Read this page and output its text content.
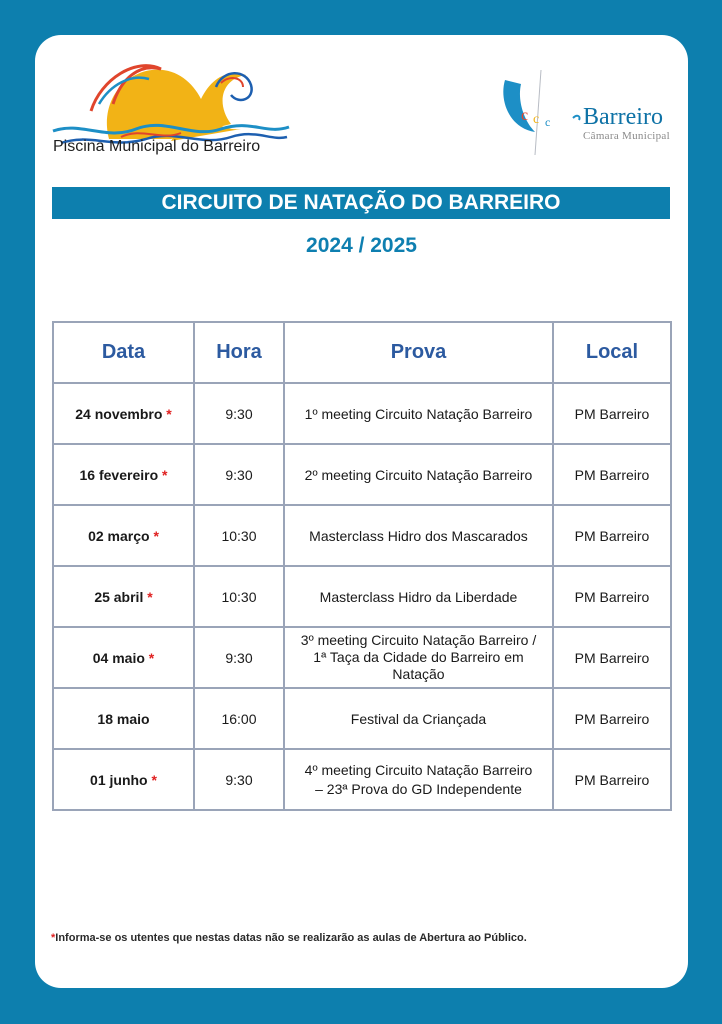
Piscina Municipal do Barreiro
c c c Barreiro
Câmara Municipal
CIRCUITO DE NATAÇÃO DO BARREIRO
2024 / 2025
Data	Hora	Prova	Local
24 novembro *	9:30	1º meeting Circuito Natação Barreiro	PM Barreiro
16 fevereiro *	9:30	2º meeting Circuito Natação Barreiro	PM Barreiro
02 março *	10:30	Masterclass Hidro dos Mascarados	PM Barreiro
25 abril *	10:30	Masterclass Hidro da Liberdade	PM Barreiro
04 maio *	9:30	3º meeting Circuito Natação Barreiro /
1ª Taça da Cidade do Barreiro em Natação	PM Barreiro
18 maio	16:00	Festival da Criançada	PM Barreiro
01 junho *	9:30	4º meeting Circuito Natação Barreiro
– 23ª Prova do GD Independente	PM Barreiro
*Informa-se os utentes que nestas datas não se realizarão as aulas de Abertura ao Público.
